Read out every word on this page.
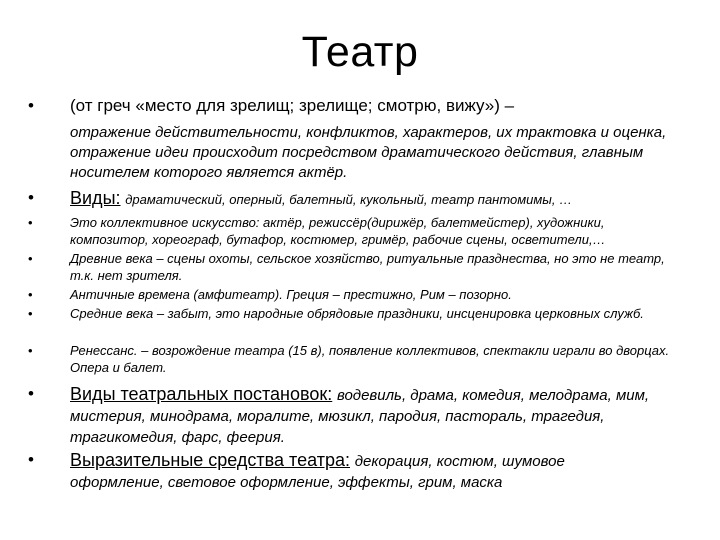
Театр
•	(от греч «место для зрелищ; зрелище; смотрю, вижу») –
отражение действительности, конфликтов, характеров, их трактовка и оценка, отражение идеи происходит посредством драматического действия, главным носителем которого является актёр.
•	Виды: драматический, оперный, балетный, кукольный, театр пантомимы, …
•	Это коллективное искусство: актёр, режиссёр(дирижёр, балетмейстер), художники, композитор, хореограф, бутафор, костюмер, гримёр, рабочие сцены, осветители,…
•	Древние века – сцены охоты, сельское хозяйство, ритуальные празднества, но это не театр, т.к. нет зрителя.
•	Античные времена (амфитеатр). Греция – престижно, Рим – позорно.
•	Средние века – забыт, это народные обрядовые праздники, инсценировка церковных служб.
•	Ренессанс. – возрождение театра (15 в), появление коллективов, спектакли играли во дворцах. Опера и балет.
•	Виды театральных постановок: водевиль, драма, комедия, мелодрама, мим, мистерия, минодрама, моралите, мюзикл, пародия, пастораль, трагедия, трагикомедия, фарс, феерия.
•	Выразительные средства театра: декорация, костюм, шумовое оформление, световое оформление, эффекты, грим, маска
